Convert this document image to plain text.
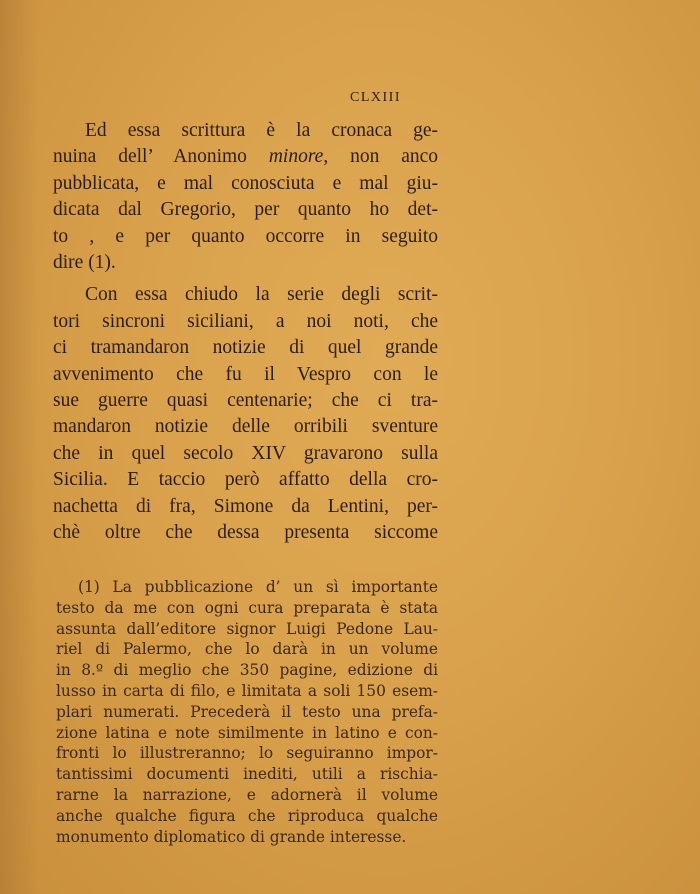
CLXIII
Ed essa scrittura è la cronaca ge-
nuina dell’ Anonimo minore, non anco
pubblicata, e mal conosciuta e mal giu-
dicata dal Gregorio, per quanto ho det-
to , e per quanto occorre in seguito
dire (1).
Con essa chiudo la serie degli scrit-
tori sincroni siciliani, a noi noti, che
ci tramandaron notizie di quel grande
avvenimento che fu il Vespro con le
sue guerre quasi centenarie; che ci tra-
mandaron notizie delle orribili sventure
che in quel secolo XIV gravarono sulla
Sicilia. E taccio però affatto della cro-
nachetta di fra, Simone da Lentini, per-
chè oltre che dessa presenta siccome
(1) La pubblicazione d’ un sì importante
testo da me con ogni cura preparata è stata
assunta dall’editore signor Luigi Pedone Lau-
riel di Palermo, che lo darà in un volume
in 8.º di meglio che 350 pagine, edizione di
lusso in carta di filo, e limitata a soli 150 esem-
plari numerati. Precederà il testo una prefa-
zione latina e note similmente in latino e con-
fronti lo illustreranno; lo seguiranno impor-
tantissimi documenti inediti, utili a rischia-
rarne la narrazione, e adornerà il volume
anche qualche figura che riproduca qualche
monumento diplomatico di grande interesse.
